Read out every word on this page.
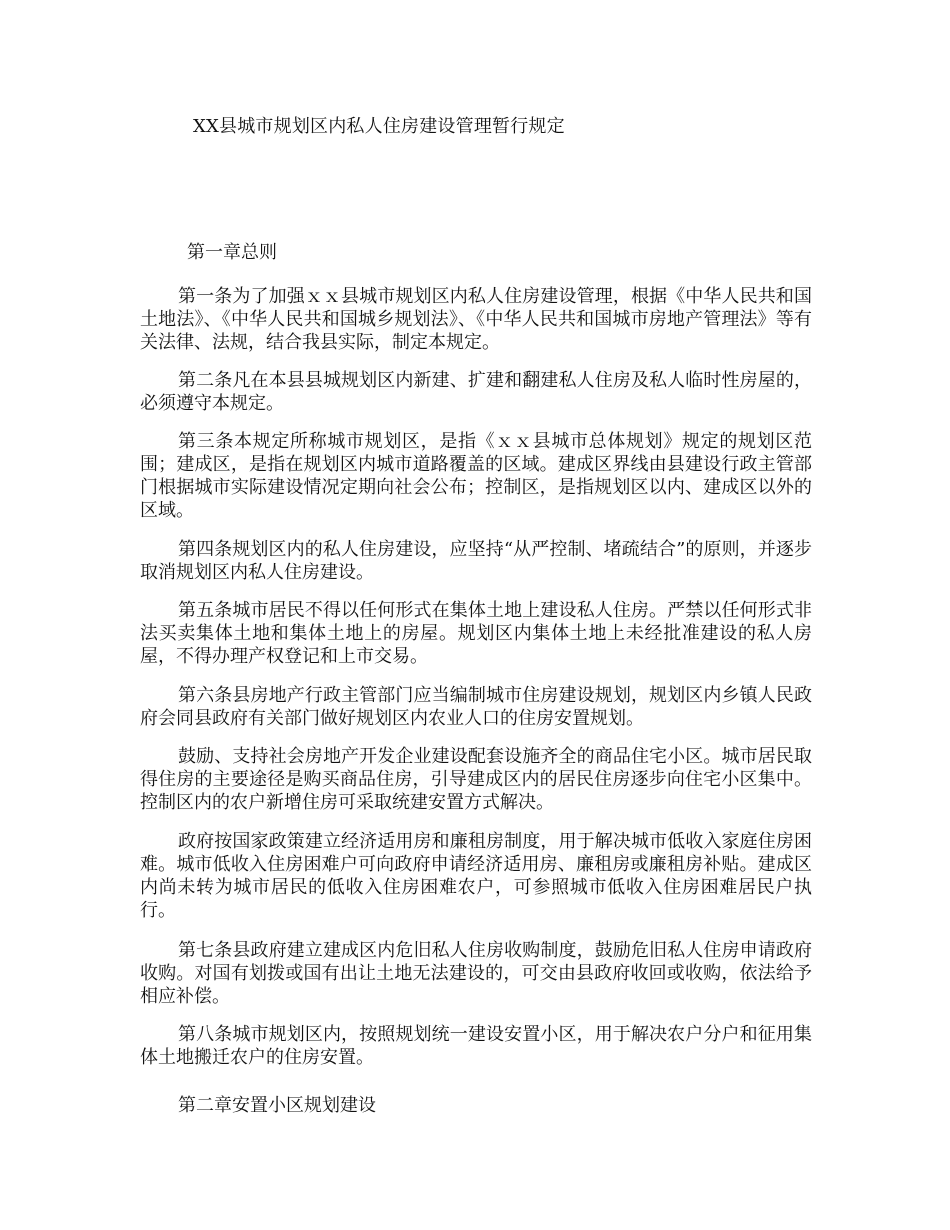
XX县城市规划区内私人住房建设管理暂行规定

第一章总则

第一条为了加强ｘｘ县城市规划区内私人住房建设管理，根据《中华人民共和国土地法》、《中华人民共和国城乡规划法》、《中华人民共和国城市房地产管理法》等有关法律、法规，结合我县实际，制定本规定。

第二条凡在本县县城规划区内新建、扩建和翻建私人住房及私人临时性房屋的，必须遵守本规定。

第三条本规定所称城市规划区，是指《ｘｘ县城市总体规划》规定的规划区范围；建成区，是指在规划区内城市道路覆盖的区域。建成区界线由县建设行政主管部门根据城市实际建设情况定期向社会公布；控制区，是指规划区以内、建成区以外的区域。

第四条规划区内的私人住房建设，应坚持“从严控制、堵疏结合”的原则，并逐步取消规划区内私人住房建设。

第五条城市居民不得以任何形式在集体土地上建设私人住房。严禁以任何形式非法买卖集体土地和集体土地上的房屋。规划区内集体土地上未经批准建设的私人房屋，不得办理产权登记和上市交易。

第六条县房地产行政主管部门应当编制城市住房建设规划，规划区内乡镇人民政府会同县政府有关部门做好规划区内农业人口的住房安置规划。

鼓励、支持社会房地产开发企业建设配套设施齐全的商品住宅小区。城市居民取得住房的主要途径是购买商品住房，引导建成区内的居民住房逐步向住宅小区集中。控制区内的农户新增住房可采取统建安置方式解决。

政府按国家政策建立经济适用房和廉租房制度，用于解决城市低收入家庭住房困难。城市低收入住房困难户可向政府申请经济适用房、廉租房或廉租房补贴。建成区内尚未转为城市居民的低收入住房困难农户，可参照城市低收入住房困难居民户执行。

第七条县政府建立建成区内危旧私人住房收购制度，鼓励危旧私人住房申请政府收购。对国有划拨或国有出让土地无法建设的，可交由县政府收回或收购，依法给予相应补偿。

第八条城市规划区内，按照规划统一建设安置小区，用于解决农户分户和征用集体土地搬迁农户的住房安置。

第二章安置小区规划建设
